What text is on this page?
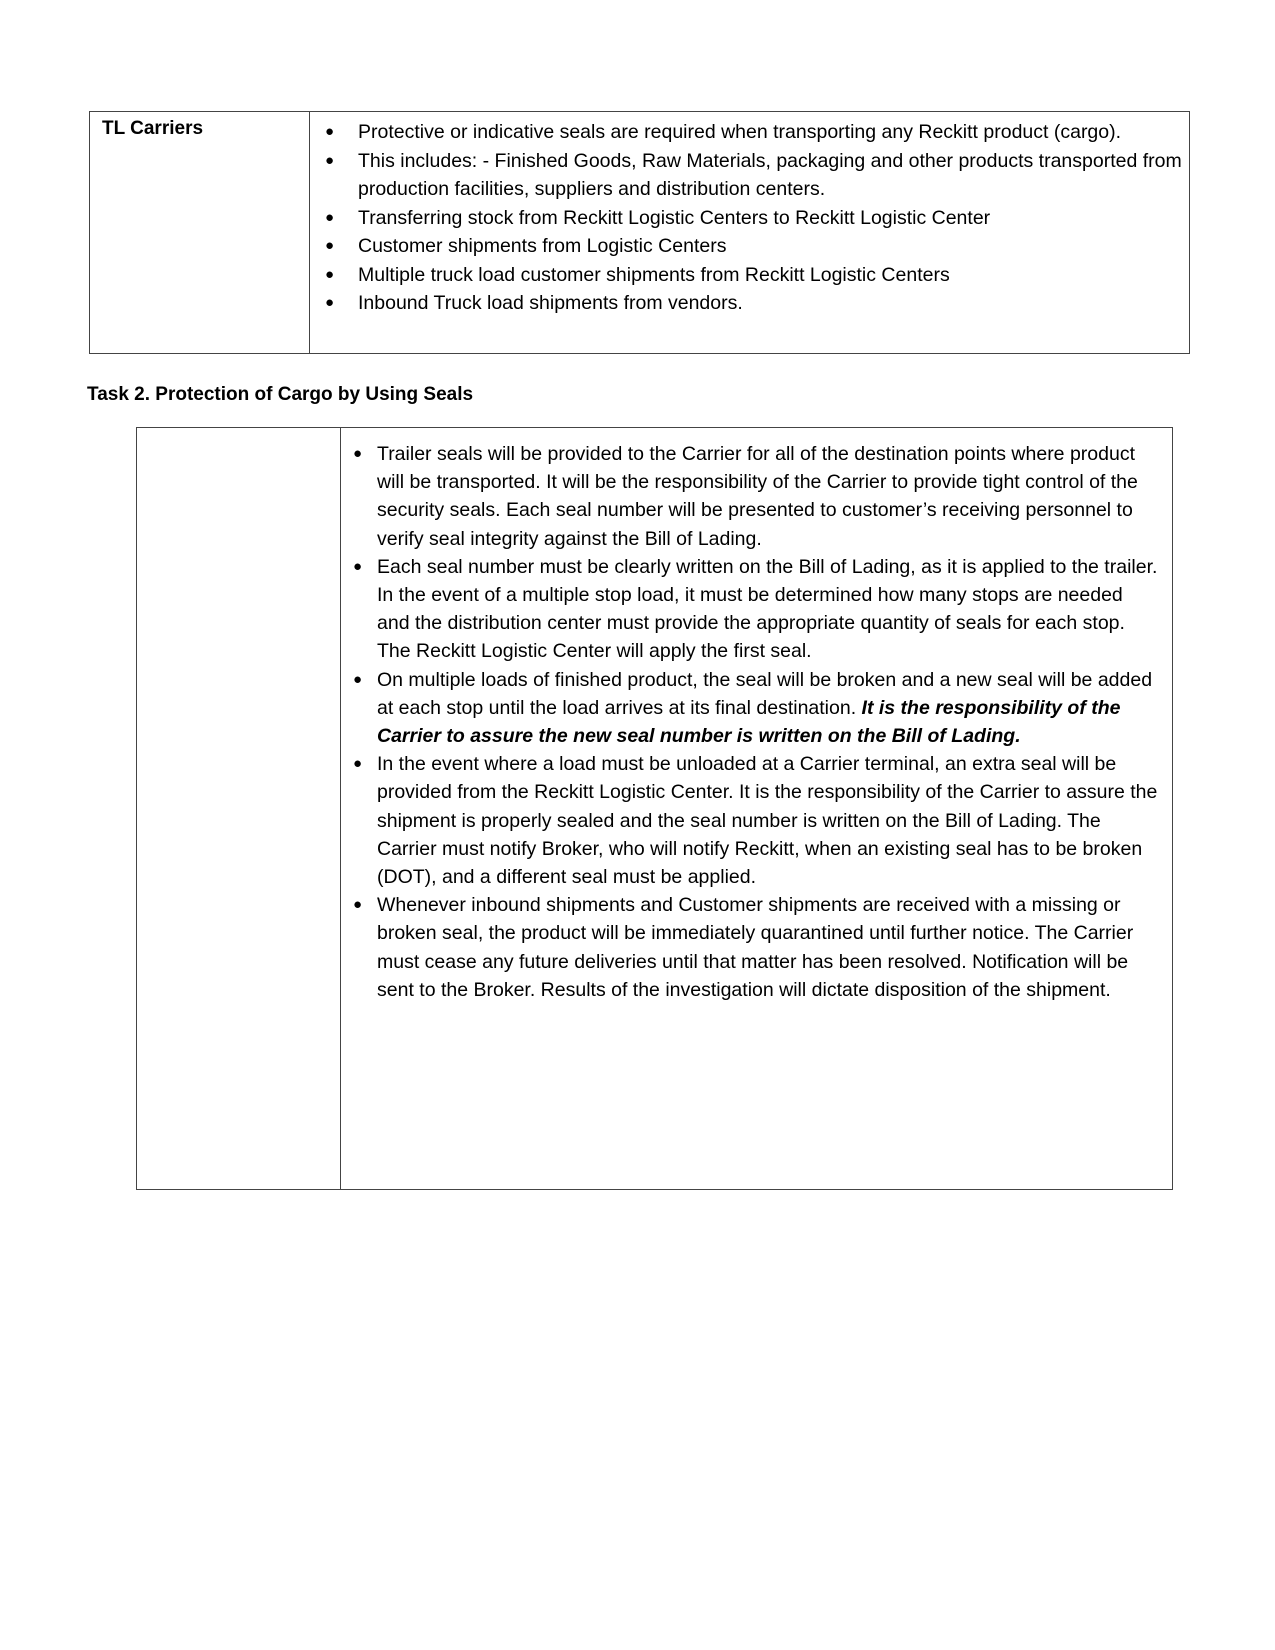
TL Carriers	● Protective or indicative seals are required when transporting any Reckitt product (cargo).
● This includes: - Finished Goods, Raw Materials, packaging and other products transported from production facilities, suppliers and distribution centers.
● Transferring stock from Reckitt Logistic Centers to Reckitt Logistic Center
● Customer shipments from Logistic Centers
● Multiple truck load customer shipments from Reckitt Logistic Centers
● Inbound Truck load shipments from vendors.
Task 2. Protection of Cargo by Using Seals

● Trailer seals will be provided to the Carrier for all of the destination points where product will be transported. It will be the responsibility of the Carrier to provide tight control of the security seals. Each seal number will be presented to customer’s receiving personnel to verify seal integrity against the Bill of Lading.
● Each seal number must be clearly written on the Bill of Lading, as it is applied to the trailer. In the event of a multiple stop load, it must be determined how many stops are needed and the distribution center must provide the appropriate quantity of seals for each stop. The Reckitt Logistic Center will apply the first seal.
● On multiple loads of finished product, the seal will be broken and a new seal will be added at each stop until the load arrives at its final destination. It is the responsibility of the Carrier to assure the new seal number is written on the Bill of Lading.
● In the event where a load must be unloaded at a Carrier terminal, an extra seal will be provided from the Reckitt Logistic Center. It is the responsibility of the Carrier to assure the shipment is properly sealed and the seal number is written on the Bill of Lading. The Carrier must notify Broker, who will notify Reckitt, when an existing seal has to be broken (DOT), and a different seal must be applied.
● Whenever inbound shipments and Customer shipments are received with a missing or broken seal, the product will be immediately quarantined until further notice. The Carrier must cease any future deliveries until that matter has been resolved. Notification will be sent to the Broker. Results of the investigation will dictate disposition of the shipment.
